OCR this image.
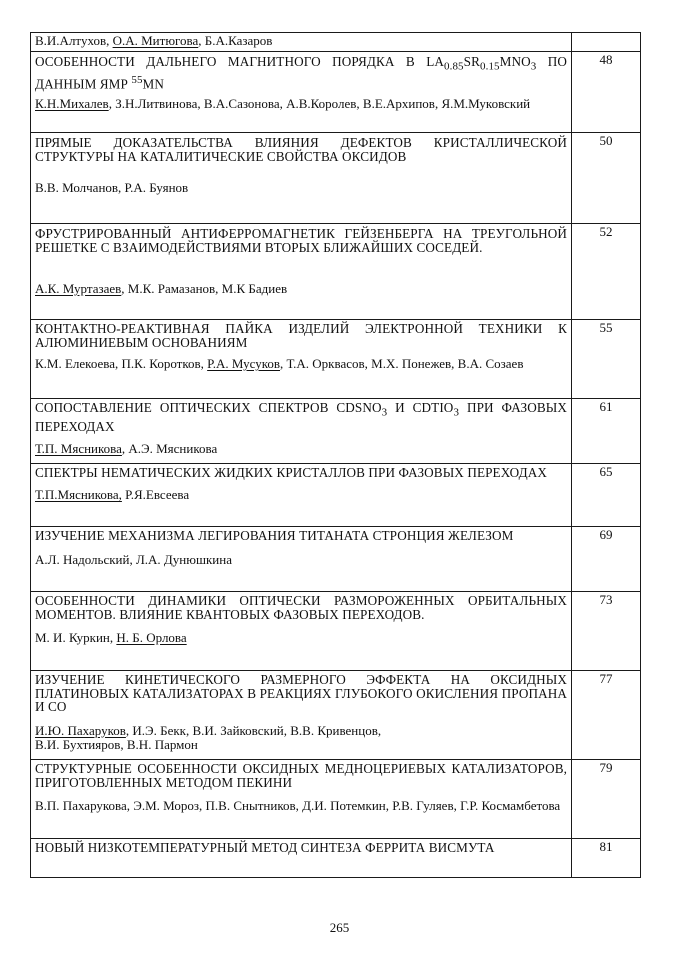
В.И.Алтухов, О.А. Митюгова, Б.А.Казаров	

ОСОБЕННОСТИ ДАЛЬНЕГО МАГНИТНОГО ПОРЯДКА В $LA_{0.85}SR_{0.15}MNO_3$ ПО ДАННЫМ ЯМР $^{55}$MN
К.Н.Михалев, З.Н.Литвинова, В.А.Сазонова, А.В.Королев, В.Е.Архипов, Я.М.Муковский	48

ПРЯМЫЕ ДОКАЗАТЕЛЬСТВА ВЛИЯНИЯ ДЕФЕКТОВ КРИСТАЛЛИЧЕСКОЙ СТРУКТУРЫ НА КАТАЛИТИЧЕСКИЕ СВОЙСТВА ОКСИДОВ
В.В. Молчанов, Р.А. Буянов	50

ФРУСТРИРОВАННЫЙ АНТИФЕРРОМАГНЕТИК ГЕЙЗЕНБЕРГА НА ТРЕУГОЛЬНОЙ РЕШЕТКЕ С ВЗАИМОДЕЙСТВИЯМИ ВТОРЫХ БЛИЖАЙШИХ СОСЕДЕЙ.
А.К. Муртазаев, М.К. Рамазанов, М.К Бадиев	52

КОНТАКТНО-РЕАКТИВНАЯ ПАЙКА ИЗДЕЛИЙ ЭЛЕКТРОННОЙ ТЕХНИКИ К АЛЮМИНИЕВЫМ ОСНОВАНИЯМ
К.М. Елекоева, П.К. Коротков, Р.А. Мусуков, Т.А. Орквасов, М.Х. Понежев, В.А. Созаев	55

СОПОСТАВЛЕНИЕ ОПТИЧЕСКИХ СПЕКТРОВ $CDSNO_3$ И $CDTIO_3$ ПРИ ФАЗОВЫХ ПЕРЕХОДАХ
Т.П. Мясникова, А.Э. Мясникова	61

СПЕКТРЫ НЕМАТИЧЕСКИХ ЖИДКИХ КРИСТАЛЛОВ ПРИ ФАЗОВЫХ ПЕРЕХОДАХ
Т.П.Мясникова, Р.Я.Евсеева	65

ИЗУЧЕНИЕ МЕХАНИЗМА ЛЕГИРОВАНИЯ ТИТАНАТА СТРОНЦИЯ ЖЕЛЕЗОМ
А.Л. Надольский, Л.А. Дунюшкина	69

ОСОБЕННОСТИ ДИНАМИКИ ОПТИЧЕСКИ РАЗМОРОЖЕННЫХ ОРБИТАЛЬНЫХ МОМЕНТОВ. ВЛИЯНИЕ КВАНТОВЫХ ФАЗОВЫХ ПЕРЕХОДОВ.
М. И. Куркин, Н. Б. Орлова	73

ИЗУЧЕНИЕ КИНЕТИЧЕСКОГО РАЗМЕРНОГО ЭФФЕКТА НА ОКСИДНЫХ ПЛАТИНОВЫХ КАТАЛИЗАТОРАХ В РЕАКЦИЯХ ГЛУБОКОГО ОКИСЛЕНИЯ ПРОПАНА И СО
И.Ю. Пахаруков, И.Э. Бекк, В.И. Зайковский, В.В. Кривенцов,
В.И. Бухтияров, В.Н. Пармон	77

СТРУКТУРНЫЕ ОСОБЕННОСТИ ОКСИДНЫХ МЕДНОЦЕРИЕВЫХ КАТАЛИЗАТОРОВ, ПРИГОТОВЛЕННЫХ МЕТОДОМ ПЕКИНИ
В.П. Пахарукова, Э.М. Мороз, П.В. Снытников, Д.И. Потемкин, Р.В. Гуляев, Г.Р. Космамбетова	79

НОВЫЙ НИЗКОТЕМПЕРАТУРНЫЙ МЕТОД СИНТЕЗА ФЕРРИТА ВИСМУТА	81
265
